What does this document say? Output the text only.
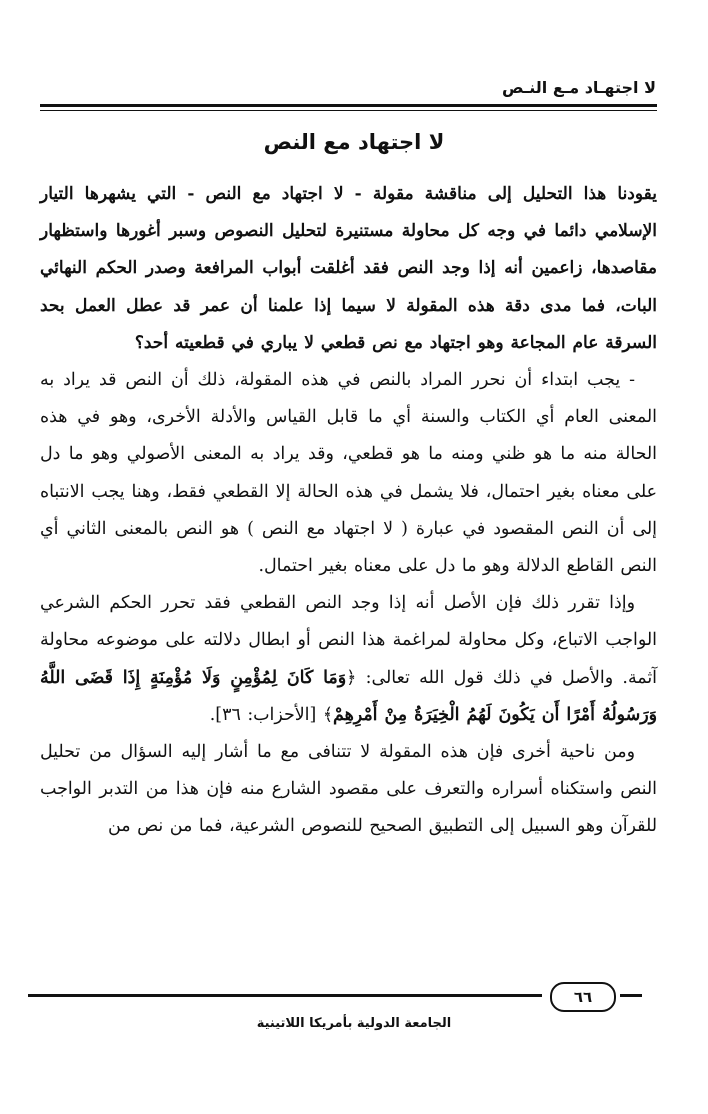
لا اجتهـاد مـع النـص
لا اجتهاد مع النص

يقودنا هذا التحليل إلى مناقشة مقولة - لا اجتهاد مع النص - التي يشهرها التيار الإسلامي دائما في وجه كل محاولة مستنيرة لتحليل النصوص وسبر أغورها واستظهار مقاصدها، زاعمين أنه إذا وجد النص فقد أغلقت أبواب المرافعة وصدر الحكم النهائي البات، فما مدى دقة هذه المقولة لا سيما إذا علمنا أن عمر قد عطل العمل بحد السرقة عام المجاعة وهو اجتهاد مع نص قطعي لا يباري في قطعيته أحد؟

- يجب ابتداء أن نحرر المراد بالنص في هذه المقولة، ذلك أن النص قد يراد به المعنى العام أي الكتاب والسنة أي ما قابل القياس والأدلة الأخرى، وهو في هذه الحالة منه ما هو ظني ومنه ما هو قطعي، وقد يراد به المعنى الأصولي وهو ما دل على معناه بغير احتمال، فلا يشمل في هذه الحالة إلا القطعي فقط، وهنا يجب الانتباه إلى أن النص المقصود في عبارة ( لا اجتهاد مع النص ) هو النص بالمعنى الثاني أي النص القاطع الدلالة وهو ما دل على معناه بغير احتمال.

وإذا تقرر ذلك فإن الأصل أنه إذا وجد النص القطعي فقد تحرر الحكم الشرعي الواجب الاتباع، وكل محاولة لمراغمة هذا النص أو ابطال دلالته على موضوعه محاولة آثمة. والأصل في ذلك قول الله تعالى: ﴿وَمَا كَانَ لِمُؤْمِنٍ وَلَا مُؤْمِنَةٍ إِذَا قَضَى اللَّهُ وَرَسُولُهُ أَمْرًا أَن يَكُونَ لَهُمُ الْخِيَرَةُ مِنْ أَمْرِهِمْ﴾ [الأحزاب: ٣٦].

ومن ناحية أخرى فإن هذه المقولة لا تتنافى مع ما أشار إليه السؤال من تحليل النص واستكناه أسراره والتعرف على مقصود الشارع منه فإن هذا من التدبر الواجب للقرآن وهو السبيل إلى التطبيق الصحيح للنصوص الشرعية، فما من نص من

٦٦
الجامعة الدولية بأمريكا اللاتينية
